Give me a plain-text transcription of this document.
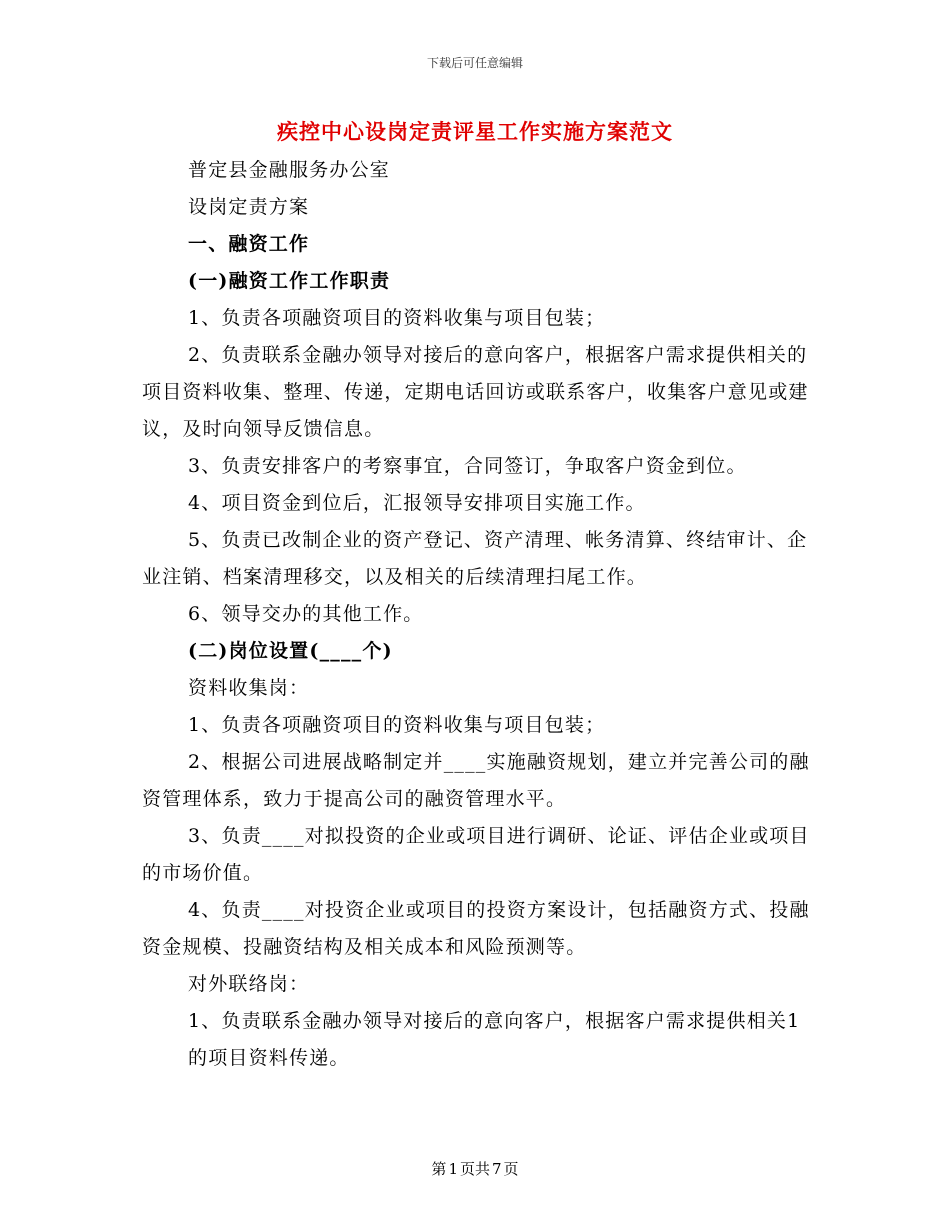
下载后可任意编辑
疾控中心设岗定责评星工作实施方案范文

普定县金融服务办公室

设岗定责方案

一、融资工作

(一)融资工作工作职责

1、负责各项融资项目的资料收集与项目包装；

2、负责联系金融办领导对接后的意向客户，根据客户需求提供相关的项目资料收集、整理、传递，定期电话回访或联系客户，收集客户意见或建议，及时向领导反馈信息。

3、负责安排客户的考察事宜，合同签订，争取客户资金到位。

4、项目资金到位后，汇报领导安排项目实施工作。

5、负责已改制企业的资产登记、资产清理、帐务清算、终结审计、企业注销、档案清理移交，以及相关的后续清理扫尾工作。

6、领导交办的其他工作。

(二)岗位设置(____个)

资料收集岗：

1、负责各项融资项目的资料收集与项目包装；

2、根据公司进展战略制定并____实施融资规划，建立并完善公司的融资管理体系，致力于提高公司的融资管理水平。

3、负责____对拟投资的企业或项目进行调研、论证、评估企业或项目的市场价值。

4、负责____对投资企业或项目的投资方案设计，包括融资方式、投融资金规模、投融资结构及相关成本和风险预测等。

对外联络岗：

1、负责联系金融办领导对接后的意向客户，根据客户需求提供相关1

的项目资料传递。

第 1 页共 7 页
